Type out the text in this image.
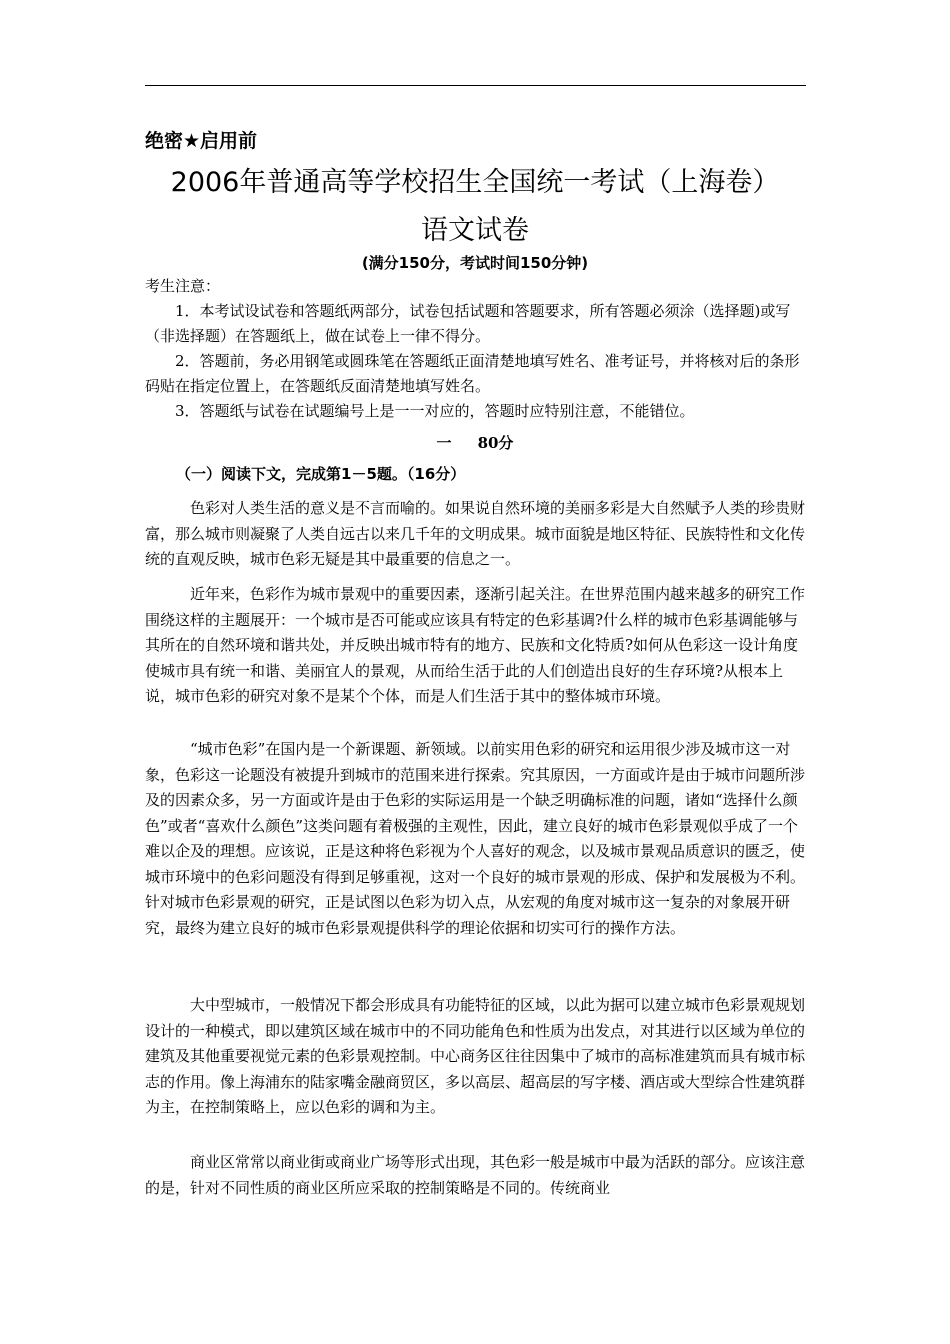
绝密★启用前
2006年普通高等学校招生全国统一考试（上海卷）
语文试卷
(满分150分，考试时间150分钟)

考生注意：

1．本考试设试卷和答题纸两部分，试卷包括试题和答题要求，所有答题必须涂（选择题)或写（非选择题）在答题纸上，做在试卷上一律不得分。

2．答题前，务必用钢笔或圆珠笔在答题纸正面清楚地填写姓名、准考证号，并将核对后的条形码贴在指定位置上，在答题纸反面清楚地填写姓名。

3．答题纸与试卷在试题编号上是一一对应的，答题时应特别注意，不能错位。

一 80分
（一）阅读下文，完成第1－5题。（16分）

色彩对人类生活的意义是不言而喻的。如果说自然环境的美丽多彩是大自然赋予人类的珍贵财富，那么城市则凝聚了人类自远古以来几千年的文明成果。城市面貌是地区特征、民族特性和文化传统的直观反映，城市色彩无疑是其中最重要的信息之一。

近年来，色彩作为城市景观中的重要因素，逐渐引起关注。在世界范围内越来越多的研究工作围绕这样的主题展开：一个城市是否可能或应该具有特定的色彩基调?什么样的城市色彩基调能够与其所在的自然环境和谐共处，并反映出城市特有的地方、民族和文化特质?如何从色彩这一设计角度使城市具有统一和谐、美丽宜人的景观，从而给生活于此的人们创造出良好的生存环境?从根本上说，城市色彩的研究对象不是某个个体，而是人们生活于其中的整体城市环境。

“城市色彩”在国内是一个新课题、新领域。以前实用色彩的研究和运用很少涉及城市这一对象，色彩这一论题没有被提升到城市的范围来进行探索。究其原因，一方面或许是由于城市问题所涉及的因素众多，另一方面或许是由于色彩的实际运用是一个缺乏明确标准的问题，诸如“选择什么颜色”或者“喜欢什么颜色”这类问题有着极强的主观性，因此，建立良好的城市色彩景观似乎成了一个难以企及的理想。应该说，正是这种将色彩视为个人喜好的观念，以及城市景观品质意识的匮乏，使城市环境中的色彩问题没有得到足够重视，这对一个良好的城市景观的形成、保护和发展极为不利。针对城市色彩景观的研究，正是试图以色彩为切入点，从宏观的角度对城市这一复杂的对象展开研究，最终为建立良好的城市色彩景观提供科学的理论依据和切实可行的操作方法。

大中型城市，一般情况下都会形成具有功能特征的区域，以此为据可以建立城市色彩景观规划设计的一种模式，即以建筑区域在城市中的不同功能角色和性质为出发点，对其进行以区域为单位的建筑及其他重要视觉元素的色彩景观控制。中心商务区往往因集中了城市的高标准建筑而具有城市标志的作用。像上海浦东的陆家嘴金融商贸区，多以高层、超高层的写字楼、酒店或大型综合性建筑群为主，在控制策略上，应以色彩的调和为主。

商业区常常以商业街或商业广场等形式出现，其色彩一般是城市中最为活跃的部分。应该注意的是，针对不同性质的商业区所应采取的控制策略是不同的。传统商业
